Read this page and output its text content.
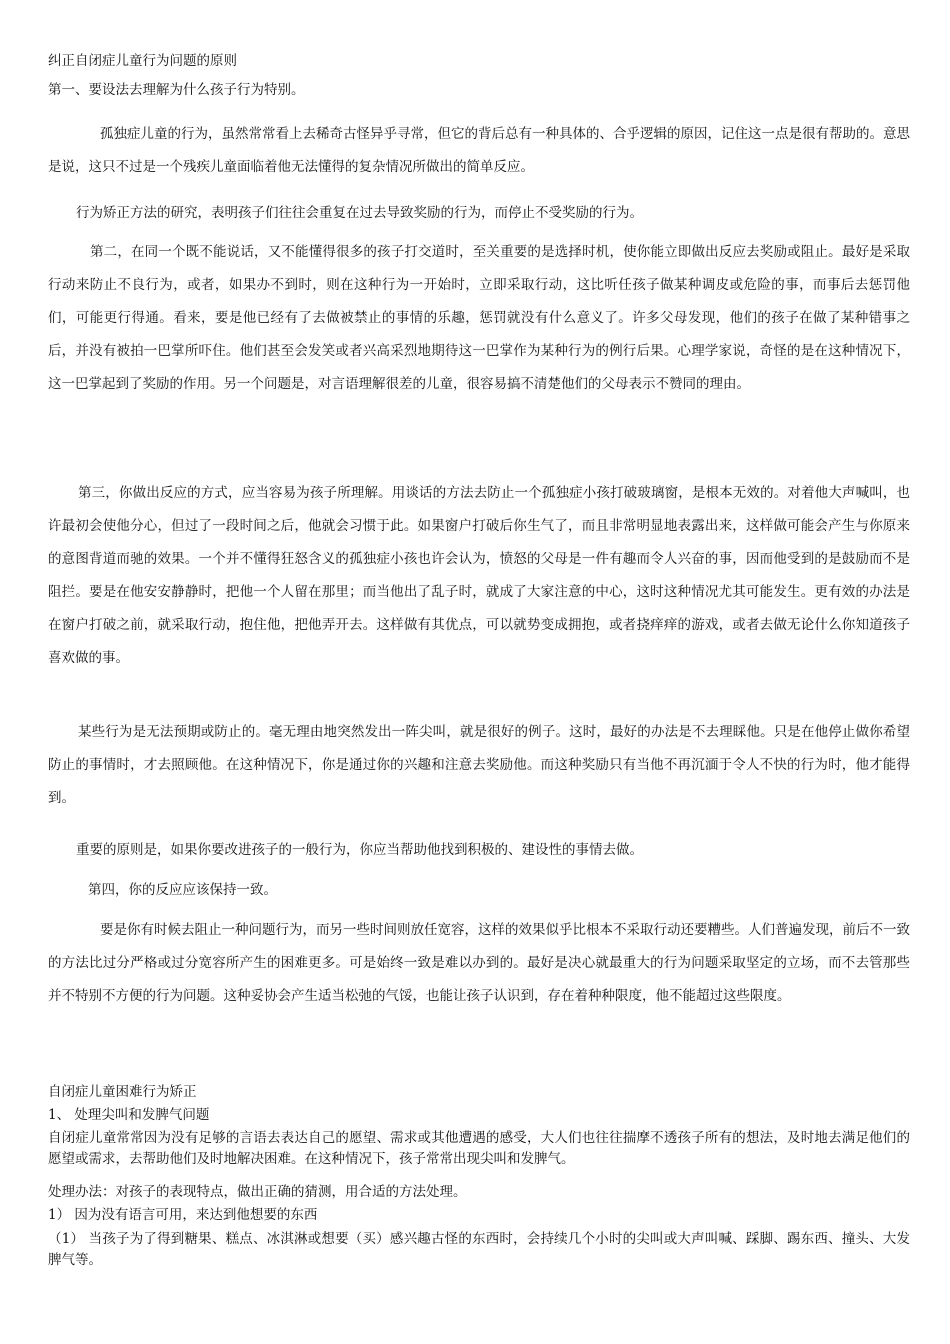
纠正自闭症儿童行为问题的原则

第一、要设法去理解为什么孩子行为特别。

孤独症儿童的行为，虽然常常看上去稀奇古怪异乎寻常，但它的背后总有一种具体的、合乎逻辑的原因，记住这一点是很有帮助的。意思是说，这只不过是一个残疾儿童面临着他无法懂得的复杂情况所做出的简单反应。

行为矫正方法的研究，表明孩子们往往会重复在过去导致奖励的行为，而停止不受奖励的行为。

第二，在同一个既不能说话，又不能懂得很多的孩子打交道时，至关重要的是选择时机，使你能立即做出反应去奖励或阻止。最好是采取行动来防止不良行为，或者，如果办不到时，则在这种行为一开始时，立即采取行动，这比听任孩子做某种调皮或危险的事，而事后去惩罚他们，可能更行得通。看来，要是他已经有了去做被禁止的事情的乐趣，惩罚就没有什么意义了。许多父母发现，他们的孩子在做了某种错事之后，并没有被拍一巴掌所吓住。他们甚至会发笑或者兴高采烈地期待这一巴掌作为某种行为的例行后果。心理学家说，奇怪的是在这种情况下，这一巴掌起到了奖励的作用。另一个问题是，对言语理解很差的儿童，很容易搞不清楚他们的父母表示不赞同的理由。

第三，你做出反应的方式，应当容易为孩子所理解。用谈话的方法去防止一个孤独症小孩打破玻璃窗，是根本无效的。对着他大声喊叫，也许最初会使他分心，但过了一段时间之后，他就会习惯于此。如果窗户打破后你生气了，而且非常明显地表露出来，这样做可能会产生与你原来的意图背道而驰的效果。一个并不懂得狂怒含义的孤独症小孩也许会认为，愤怒的父母是一件有趣而令人兴奋的事，因而他受到的是鼓励而不是阻拦。要是在他安安静静时，把他一个人留在那里；而当他出了乱子时，就成了大家注意的中心，这时这种情况尤其可能发生。更有效的办法是在窗户打破之前，就采取行动，抱住他，把他弄开去。这样做有其优点，可以就势变成拥抱，或者挠痒痒的游戏，或者去做无论什么你知道孩子喜欢做的事。

某些行为是无法预期或防止的。毫无理由地突然发出一阵尖叫，就是很好的例子。这时，最好的办法是不去理睬他。只是在他停止做你希望防止的事情时，才去照顾他。在这种情况下，你是通过你的兴趣和注意去奖励他。而这种奖励只有当他不再沉湎于令人不快的行为时，他才能得到。

重要的原则是，如果你要改进孩子的一般行为，你应当帮助他找到积极的、建设性的事情去做。

第四，你的反应应该保持一致。

要是你有时候去阻止一种问题行为，而另一些时间则放任宽容，这样的效果似乎比根本不采取行动还要糟些。人们普遍发现，前后不一致的方法比过分严格或过分宽容所产生的困难更多。可是始终一致是难以办到的。最好是决心就最重大的行为问题采取坚定的立场，而不去管那些并不特别不方便的行为问题。这种妥协会产生适当松弛的气馁，也能让孩子认识到，存在着种种限度，他不能超过这些限度。

自闭症儿童困难行为矫正

1、 处理尖叫和发脾气问题

自闭症儿童常常因为没有足够的言语去表达自己的愿望、需求或其他遭遇的感受，大人们也往往揣摩不透孩子所有的想法，及时地去满足他们的愿望或需求，去帮助他们及时地解决困难。在这种情况下，孩子常常出现尖叫和发脾气。

处理办法：对孩子的表现特点，做出正确的猜测，用合适的方法处理。

1） 因为没有语言可用，来达到他想要的东西

（1） 当孩子为了得到糖果、糕点、冰淇淋或想要（买）感兴趣古怪的东西时，会持续几个小时的尖叫或大声叫喊、踩脚、踢东西、撞头、大发脾气等。
